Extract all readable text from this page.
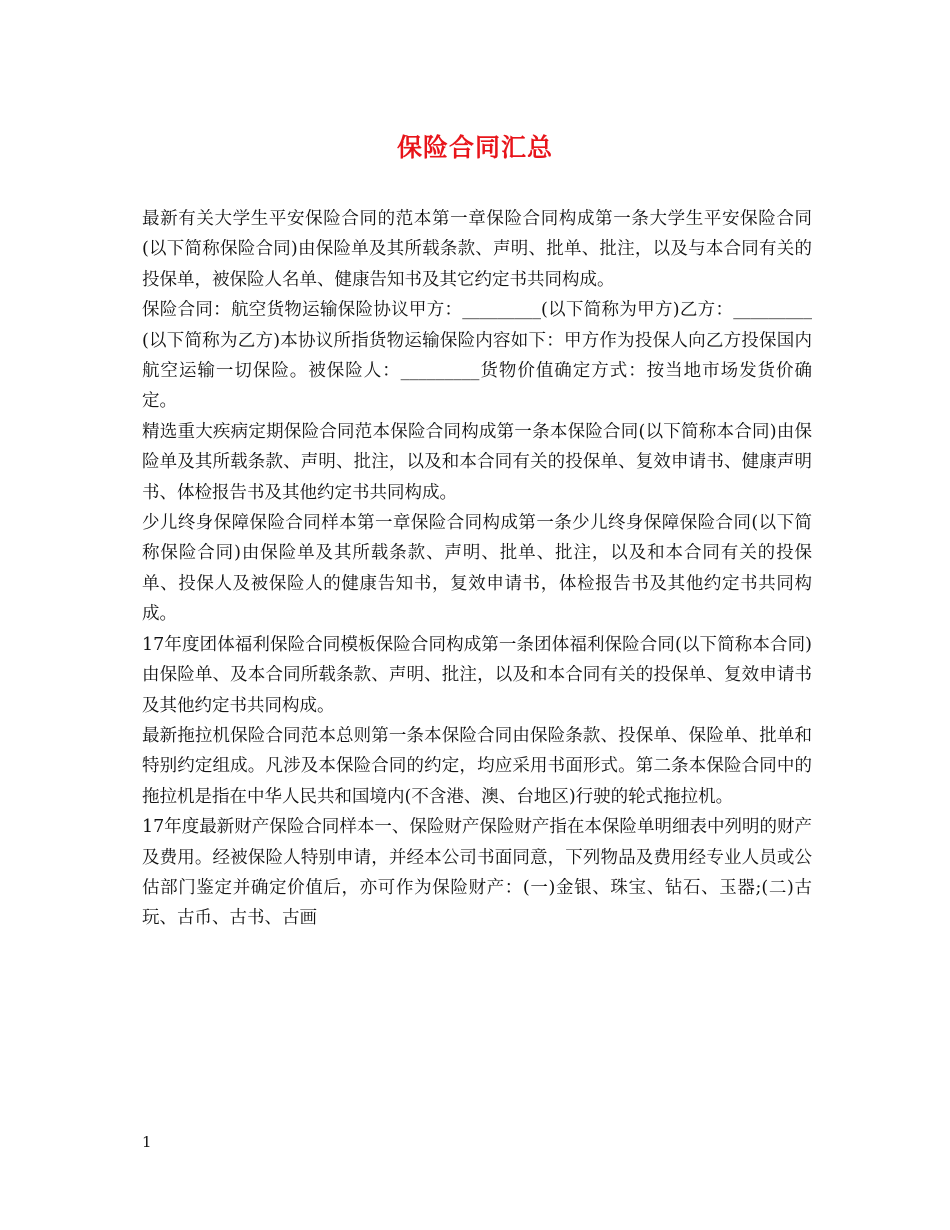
保险合同汇总

最新有关大学生平安保险合同的范本第一章保险合同构成第一条大学生平安保险合同(以下简称保险合同)由保险单及其所载条款、声明、批单、批注，以及与本合同有关的投保单，被保险人名单、健康告知书及其它约定书共同构成。

保险合同：航空货物运输保险协议甲方：_________(以下简称为甲方)乙方：_________(以下简称为乙方)本协议所指货物运输保险内容如下：甲方作为投保人向乙方投保国内航空运输一切保险。被保险人：_________货物价值确定方式：按当地市场发货价确定。

精选重大疾病定期保险合同范本保险合同构成第一条本保险合同(以下简称本合同)由保险单及其所载条款、声明、批注，以及和本合同有关的投保单、复效申请书、健康声明书、体检报告书及其他约定书共同构成。

少儿终身保障保险合同样本第一章保险合同构成第一条少儿终身保障保险合同(以下简称保险合同)由保险单及其所载条款、声明、批单、批注，以及和本合同有关的投保单、投保人及被保险人的健康告知书，复效申请书，体检报告书及其他约定书共同构成。

17年度团体福利保险合同模板保险合同构成第一条团体福利保险合同(以下简称本合同)由保险单、及本合同所载条款、声明、批注，以及和本合同有关的投保单、复效申请书及其他约定书共同构成。

最新拖拉机保险合同范本总则第一条本保险合同由保险条款、投保单、保险单、批单和特别约定组成。凡涉及本保险合同的约定，均应采用书面形式。第二条本保险合同中的拖拉机是指在中华人民共和国境内(不含港、澳、台地区)行驶的轮式拖拉机。

17年度最新财产保险合同样本一、保险财产保险财产指在本保险单明细表中列明的财产及费用。经被保险人特别申请，并经本公司书面同意，下列物品及费用经专业人员或公估部门鉴定并确定价值后，亦可作为保险财产：(一)金银、珠宝、钻石、玉器;(二)古玩、古币、古书、古画

1
